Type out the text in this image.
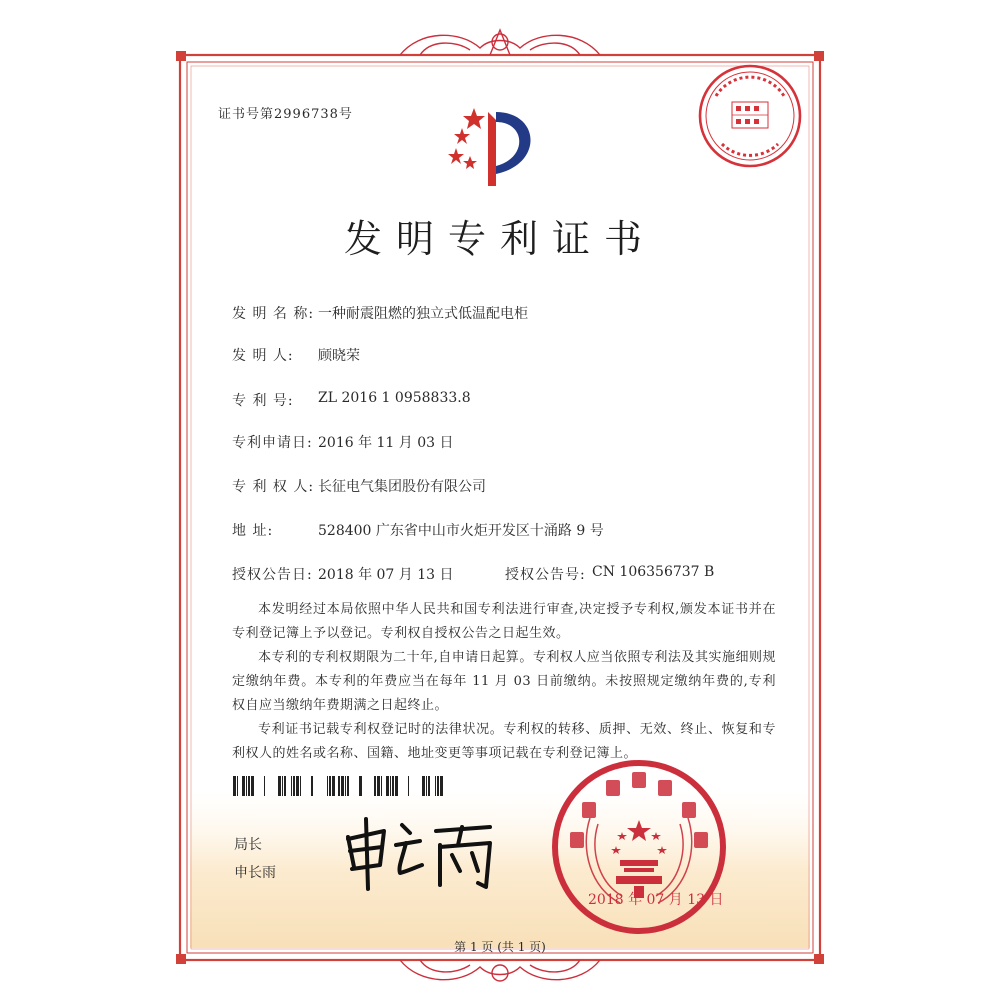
证书号第2996738号
发明专利证书
发 明 名 称: 一种耐震阻燃的独立式低温配电柜
发 明 人: 顾晓荣
专 利 号: ZL 2016 1 0958833.8
专利申请日: 2016 年 11 月 03 日
专 利 权 人: 长征电气集团股份有限公司
地 址:	528400 广东省中山市火炬开发区十涌路 9 号
授权公告日: 2018 年 07 月 13 日	授权公告号: CN 106356737 B

本发明经过本局依照中华人民共和国专利法进行审查,决定授予专利权,颁发本证书并在专利登记簿上予以登记。专利权自授权公告之日起生效。

本专利的专利权期限为二十年,自申请日起算。专利权人应当依照专利法及其实施细则规定缴纳年费。本专利的年费应当在每年 11 月 03 日前缴纳。未按照规定缴纳年费的,专利权自应当缴纳年费期满之日起终止。

专利证书记载专利权登记时的法律状况。专利权的转移、质押、无效、终止、恢复和专利权人的姓名或名称、国籍、地址变更等事项记载在专利登记簿上。

局长
申长雨
2018 年 07 月 13 日
第 1 页 (共 1 页)
